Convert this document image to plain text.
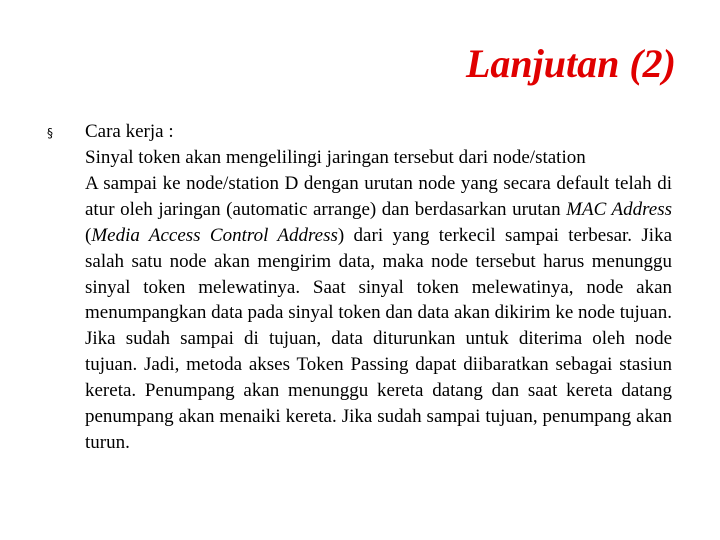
Lanjutan (2)
§ Cara kerja :

Sinyal token akan mengelilingi jaringan tersebut dari node/station
A sampai ke node/station D dengan urutan node yang secara default telah di atur oleh jaringan (automatic arrange) dan berdasarkan urutan MAC Address (Media Access Control Address) dari yang terkecil sampai terbesar. Jika salah satu node akan mengirim data, maka node tersebut harus menunggu sinyal token melewatinya. Saat sinyal token melewatinya, node akan menumpangkan data pada sinyal token dan data akan dikirim ke node tujuan. Jika sudah sampai di tujuan, data diturunkan untuk diterima oleh node tujuan. Jadi, metoda akses Token Passing dapat diibaratkan sebagai stasiun kereta. Penumpang akan menunggu kereta datang dan saat kereta datang penumpang akan menaiki kereta. Jika sudah sampai tujuan, penumpang akan turun.
